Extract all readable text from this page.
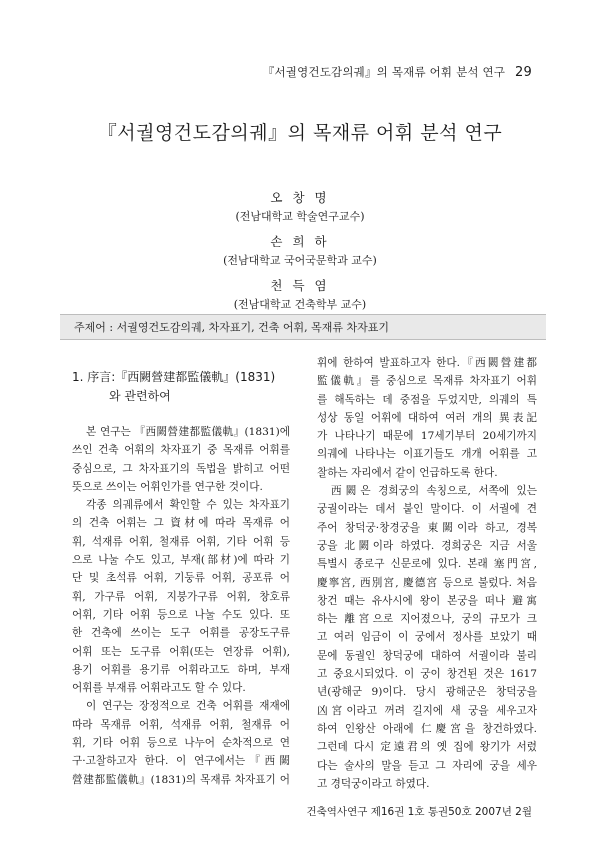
『서궐영건도감의궤』의 목재류 어휘 분석 연구 29
『서궐영건도감의궤』의 목재류 어휘 분석 연구
오 창 명
(전남대학교 학술연구교수)
손 희 하
(전남대학교 국어국문학과 교수)
천 득 염
(전남대학교 건축학부 교수)
주제어 : 서궐영건도감의궤, 차자표기, 건축 어휘, 목재류 차자표기
1. 序言:『西闕營建都監儀軌』(1831)
와 관련하여
본 연구는 『西闕營建都監儀軌』(1831)에
쓰인 건축 어휘의 차자표기 중 목재류 어휘를
중심으로, 그 차자표기의 독법을 밝히고 어떤
뜻으로 쓰이는 어휘인가를 연구한 것이다.
각종 의궤류에서 확인할 수 있는 차자표기
의 건축 어휘는 그 資材에 따라 목재류 어
휘, 석재류 어휘, 철재류 어휘, 기타 어휘 등
으로 나눌 수도 있고, 부재(部材)에 따라 기
단 및 초석류 어휘, 기둥류 어휘, 공포류 어
휘, 가구류 어휘, 지붕가구류 어휘, 창호류
어휘, 기타 어휘 등으로 나눌 수도 있다. 또
한 건축에 쓰이는 도구 어휘를 공장도구류
어휘 또는 도구류 어휘(또는 연장류 어휘),
용기 어휘를 용기류 어휘라고도 하며, 부재
어휘를 부재류 어휘라고도 할 수 있다.
이 연구는 장정적으로 건축 어휘를 재재에
따라 목재류 어휘, 석재류 어휘, 철재류 어
휘, 기타 어휘 등으로 나누어 순차적으로 연
구·고찰하고자 한다. 이 연구에서는『西闕
營建都監儀軌』(1831)의 목재류 차자표기 어
휘에 한하여 발표하고자 한다.『西闕營建都
監儀軌』를 중심으로 목재류 차자표기 어휘
를 해독하는 데 중점을 두었지만, 의궤의 특
성상 동일 어휘에 대하여 여러 개의 異表記
가 나타나기 때문에 17세기부터 20세기까지
의궤에 나타나는 이표기들도 개개 어휘를 고
찰하는 자리에서 같이 언급하도록 한다.
西闕은 경희궁의 속칭으로, 서쪽에 있는
궁궐이라는 데서 붙인 말이다. 이 서궐에 견
주어 창덕궁·창경궁을 東闕이라 하고, 경복
궁을 北闕이라 하였다. 경희궁은 지금 서울
특별시 종로구 신문로에 있다. 본래 塞門宮,
慶寧宮, 西別宮, 慶德宮 등으로 불렀다. 처음
창건 때는 유사시에 왕이 본궁을 떠나 避寓
하는 離宮으로 지어졌으나, 궁의 규모가 크
고 여러 임금이 이 궁에서 정사를 보았기 때
문에 동궐인 창덕궁에 대하여 서궐이라 불리
고 중요시되었다. 이 궁이 창건된 것은 1617
년(광해군 9)이다. 당시 광해군은 창덕궁을
凶宮이라고 꺼려 길지에 새 궁을 세우고자
하여 인왕산 아래에 仁慶宮을 창건하였다.
그런데 다시 定遠君의 옛 집에 왕기가 서렸
다는 술사의 말을 듣고 그 자리에 궁을 세우
고 경덕궁이라고 하였다.
건축역사연구 제16권 1호 통권50호 2007년 2월
